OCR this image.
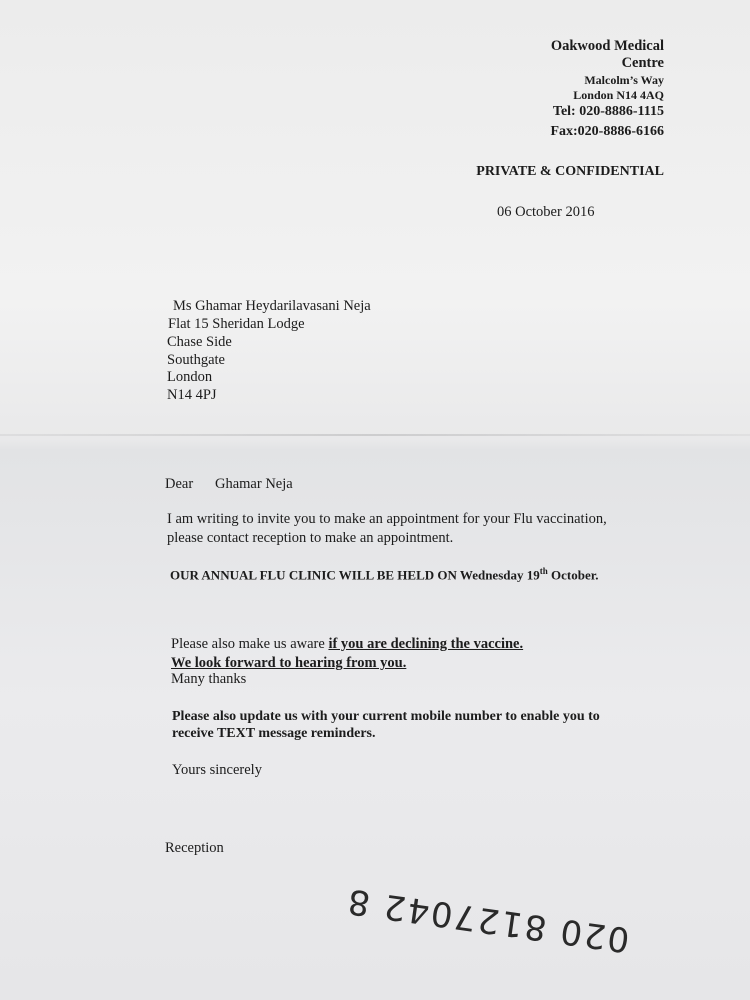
Oakwood Medical
Centre
Malcolm’s Way
London N14 4AQ
Tel: 020-8886-1115
Fax:020-8886-6166
PRIVATE & CONFIDENTIAL
06 October 2016
Ms Ghamar Heydarilavasani Neja
Flat 15 Sheridan Lodge
Chase Side
Southgate
London
N14 4PJ
Dear Ghamar Neja
I am writing to invite you to make an appointment for your Flu vaccination,
please contact reception to make an appointment.
OUR ANNUAL FLU CLINIC WILL BE HELD ON Wednesday 19th October.
Please also make us aware if you are declining the vaccine.
We look forward to hearing from you.
Many thanks
Please also update us with your current mobile number to enable you to
receive TEXT message reminders.
Yours sincerely
Reception
020 8127042 8
